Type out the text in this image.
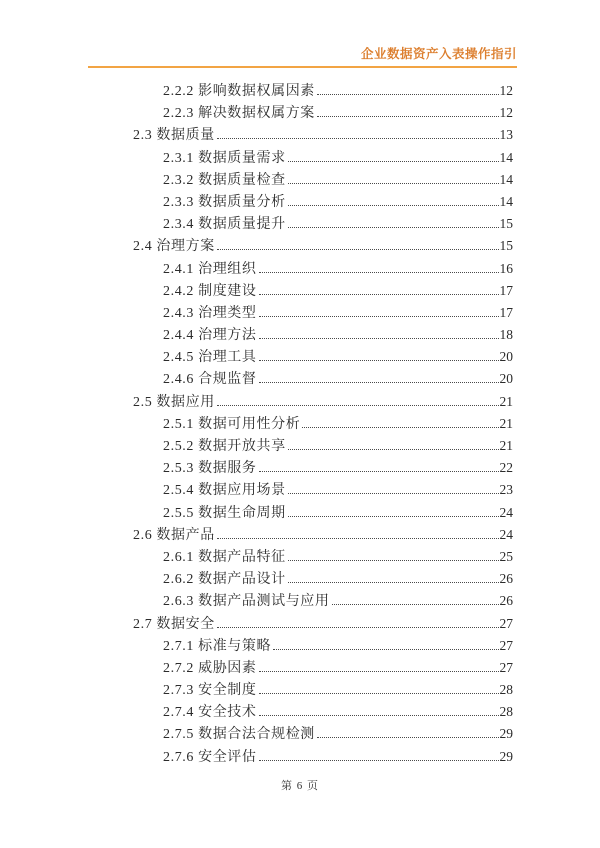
企业数据资产入表操作指引
2.2.2 影响数据权属因素	12
2.2.3 解决数据权属方案	12
2.3 数据质量	13
2.3.1 数据质量需求	14
2.3.2 数据质量检查	14
2.3.3 数据质量分析	14
2.3.4 数据质量提升	15
2.4 治理方案	15
2.4.1 治理组织	16
2.4.2 制度建设	17
2.4.3 治理类型	17
2.4.4 治理方法	18
2.4.5 治理工具	20
2.4.6 合规监督	20
2.5 数据应用	21
2.5.1 数据可用性分析	21
2.5.2 数据开放共享	21
2.5.3 数据服务	22
2.5.4 数据应用场景	23
2.5.5 数据生命周期	24
2.6 数据产品	24
2.6.1 数据产品特征	25
2.6.2 数据产品设计	26
2.6.3 数据产品测试与应用	26
2.7 数据安全	27
2.7.1 标准与策略	27
2.7.2 威胁因素	27
2.7.3 安全制度	28
2.7.4 安全技术	28
2.7.5 数据合法合规检测	29
2.7.6 安全评估	29
第 6 页
